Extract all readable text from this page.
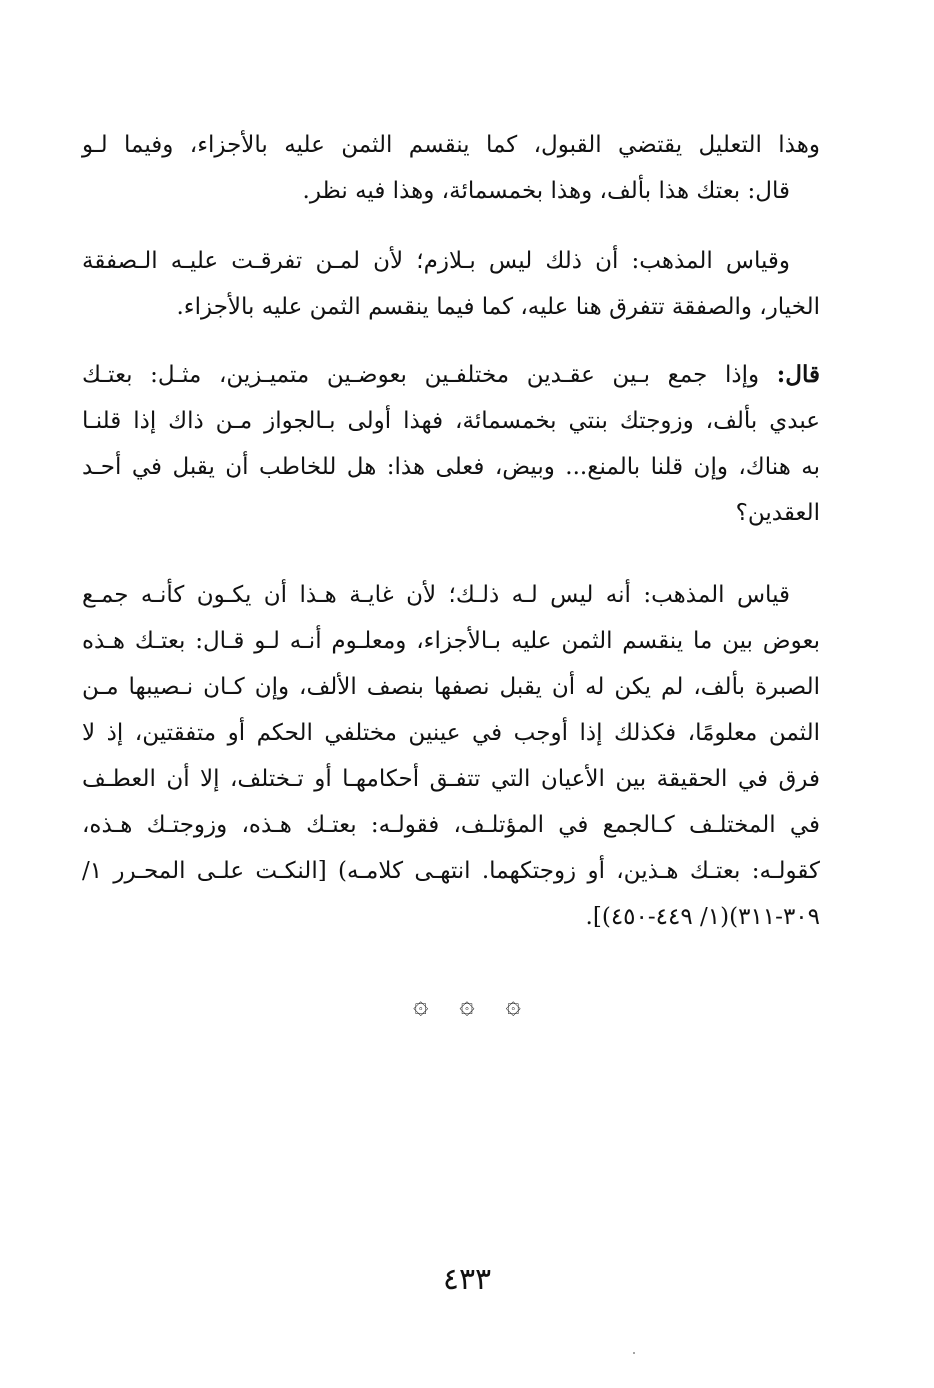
وهذا التعليل يقتضي القبول، كما ينقسم الثمن عليه بالأجزاء، وفيما لـو
قال: بعتك هذا بألف، وهذا بخمسمائة، وهذا فيه نظر.
وقياس المذهب: أن ذلك ليس بـلازم؛ لأن لمـن تفرقـت عليـه الـصفقة
الخيار، والصفقة تتفرق هنا عليه، كما فيما ينقسم الثمن عليه بالأجزاء.
قال: وإذا جمع بـين عقـدين مختلفـين بعوضـين متميـزين، مثـل: بعتـك
عبدي بألف، وزوجتك بنتي بخمسمائة، فهذا أولى بـالجواز مـن ذاك إذا قلنـا
به هناك، وإن قلنا بالمنع... وبيض، فعلى هذا: هل للخاطب أن يقبل في أحـد
العقدين؟
قياس المذهب: أنه ليس لـه ذلـك؛ لأن غايـة هـذا أن يكـون كأنـه جمـع
بعوض بين ما ينقسم الثمن عليه بـالأجزاء، ومعلـوم أنـه لـو قـال: بعتـك هـذه
الصبرة بألف، لم يكن له أن يقبل نصفها بنصف الألف، وإن كـان نـصيبها مـن
الثمن معلومًا، فكذلك إذا أوجب في عينين مختلفي الحكم أو متفقتين، إذ لا
فرق في الحقيقة بين الأعيان التي تتفـق أحكامهـا أو تـختلف، إلا أن العطـف
في المختلـف كـالجمع في المؤتلـف، فقولـه: بعتـك هـذه، وزوجتـك هـذه،
كقولـه: بعتـك هـذين، أو زوجتكهما. انتهـى كلامـه) [النكـت علـى المحـرر ١/
٣٠٩-٣١١)(١/ ٤٤٩-٤٥٠)].
۞ ۞ ۞
٤٣٣
